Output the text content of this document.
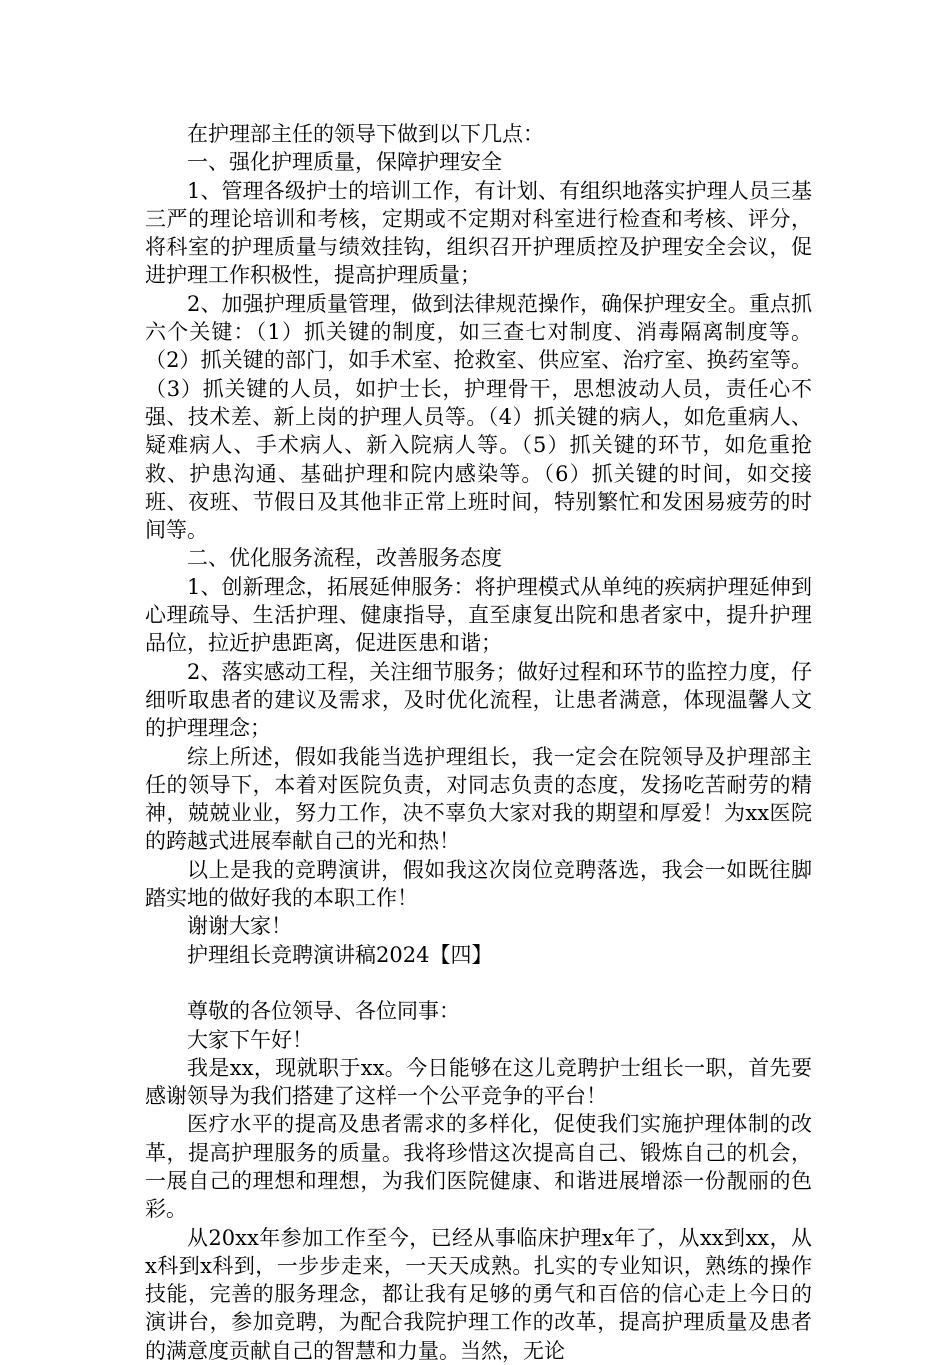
在护理部主任的领导下做到以下几点：

一、强化护理质量，保障护理安全

1、管理各级护士的培训工作，有计划、有组织地落实护理人员三基三严的理论培训和考核，定期或不定期对科室进行检查和考核、评分，将科室的护理质量与绩效挂钩，组织召开护理质控及护理安全会议，促进护理工作积极性，提高护理质量；

2、加强护理质量管理，做到法律规范操作，确保护理安全。重点抓六个关键：（1）抓关键的制度，如三查七对制度、消毒隔离制度等。（2）抓关键的部门，如手术室、抢救室、供应室、治疗室、换药室等。（3）抓关键的人员，如护士长，护理骨干，思想波动人员，责任心不强、技术差、新上岗的护理人员等。（4）抓关键的病人，如危重病人、疑难病人、手术病人、新入院病人等。（5）抓关键的环节，如危重抢救、护患沟通、基础护理和院内感染等。（6）抓关键的时间，如交接班、夜班、节假日及其他非正常上班时间，特别繁忙和发困易疲劳的时间等。

二、优化服务流程，改善服务态度

1、创新理念，拓展延伸服务：将护理模式从单纯的疾病护理延伸到心理疏导、生活护理、健康指导，直至康复出院和患者家中，提升护理品位，拉近护患距离，促进医患和谐；

2、落实感动工程，关注细节服务；做好过程和环节的监控力度，仔细听取患者的建议及需求，及时优化流程，让患者满意，体现温馨人文的护理理念；

综上所述，假如我能当选护理组长，我一定会在院领导及护理部主任的领导下，本着对医院负责，对同志负责的态度，发扬吃苦耐劳的精神，兢兢业业，努力工作，决不辜负大家对我的期望和厚爱！为xx医院的跨越式进展奉献自己的光和热！

以上是我的竞聘演讲，假如我这次岗位竞聘落选，我会一如既往脚踏实地的做好我的本职工作！

谢谢大家！

护理组长竞聘演讲稿2024【四】

尊敬的各位领导、各位同事：

大家下午好！

我是xx，现就职于xx。今日能够在这儿竞聘护士组长一职，首先要感谢领导为我们搭建了这样一个公平竞争的平台！

医疗水平的提高及患者需求的多样化，促使我们实施护理体制的改革，提高护理服务的质量。我将珍惜这次提高自己、锻炼自己的机会，一展自己的理想和理想，为我们医院健康、和谐进展增添一份靓丽的色彩。

从20xx年参加工作至今，已经从事临床护理x年了，从xx到xx，从x科到x科到，一步步走来，一天天成熟。扎实的专业知识，熟练的操作技能，完善的服务理念，都让我有足够的勇气和百倍的信心走上今日的演讲台，参加竞聘，为配合我院护理工作的改革，提高护理质量及患者的满意度贡献自己的智慧和力量。当然，无论
